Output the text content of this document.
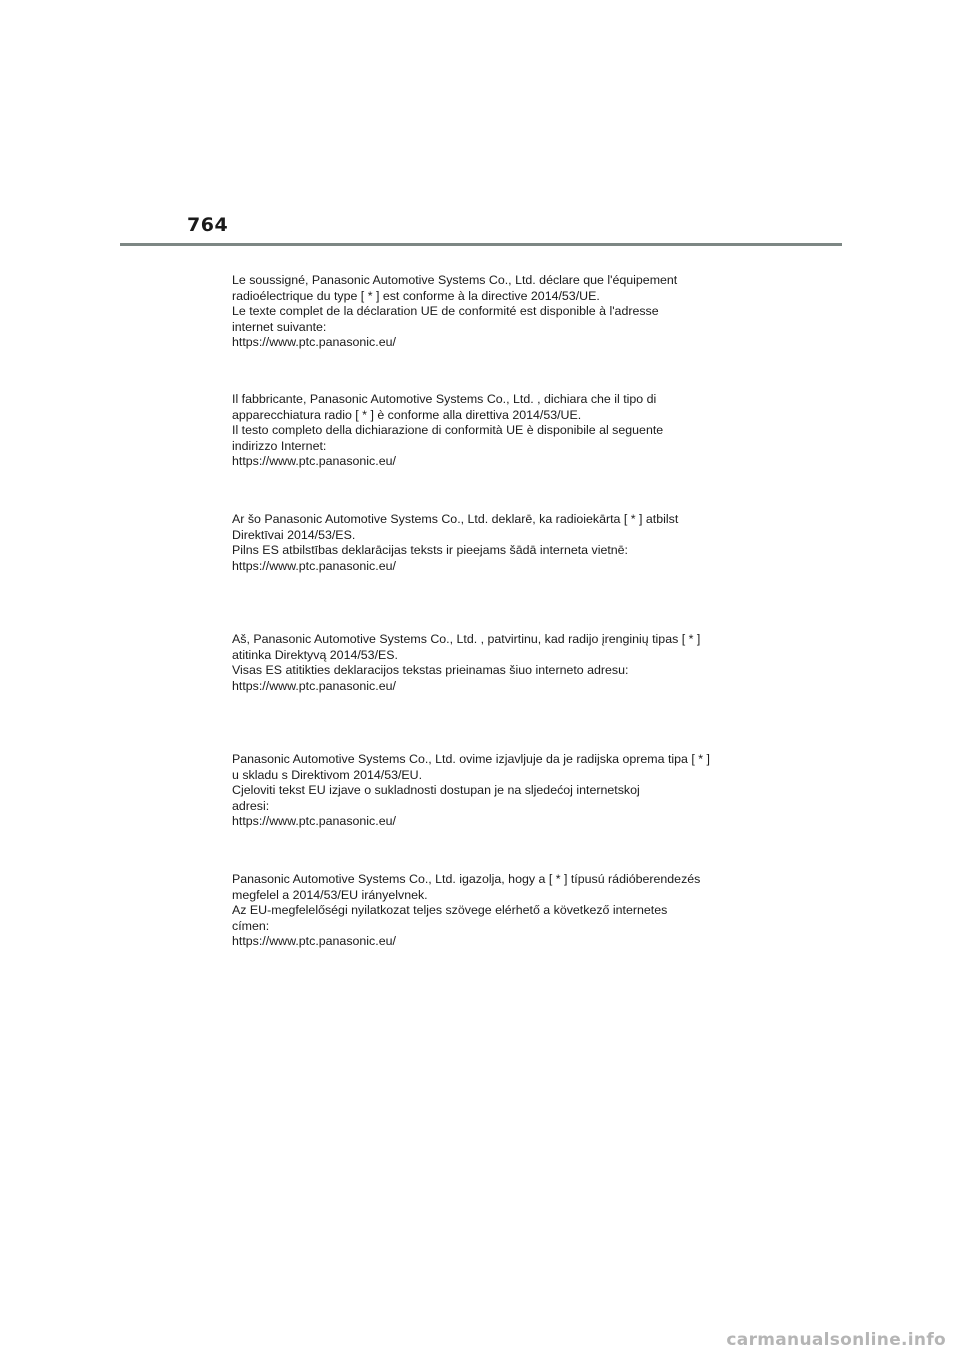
764
Le soussigné, Panasonic Automotive Systems Co., Ltd. déclare que l'équipement
radioélectrique du type [ * ] est conforme à la directive 2014/53/UE.
Le texte complet de la déclaration UE de conformité est disponible à l'adresse
internet suivante:
https://www.ptc.panasonic.eu/
Il fabbricante, Panasonic Automotive Systems Co., Ltd. , dichiara che il tipo di
apparecchiatura radio [ * ] è conforme alla direttiva 2014/53/UE.
Il testo completo della dichiarazione di conformità UE è disponibile al seguente
indirizzo Internet:
https://www.ptc.panasonic.eu/
Ar šo Panasonic Automotive Systems Co., Ltd. deklarē, ka radioiekārta [ * ] atbilst
Direktīvai 2014/53/ES.
Pilns ES atbilstības deklarācijas teksts ir pieejams šādā interneta vietnē:
https://www.ptc.panasonic.eu/
Aš, Panasonic Automotive Systems Co., Ltd. , patvirtinu, kad radijo įrenginių tipas [ * ]
atitinka Direktyvą 2014/53/ES.
Visas ES atitikties deklaracijos tekstas prieinamas šiuo interneto adresu:
https://www.ptc.panasonic.eu/
Panasonic Automotive Systems Co., Ltd. ovime izjavljuje da je radijska oprema tipa [ * ]
u skladu s Direktivom 2014/53/EU.
Cjeloviti tekst EU izjave o sukladnosti dostupan je na sljedećoj internetskoj
adresi:
https://www.ptc.panasonic.eu/
Panasonic Automotive Systems Co., Ltd. igazolja, hogy a [ * ] típusú rádióberendezés
megfelel a 2014/53/EU irányelvnek.
Az EU-megfelelőségi nyilatkozat teljes szövege elérhető a következő internetes
címen:
https://www.ptc.panasonic.eu/
carmanualsonline.info
